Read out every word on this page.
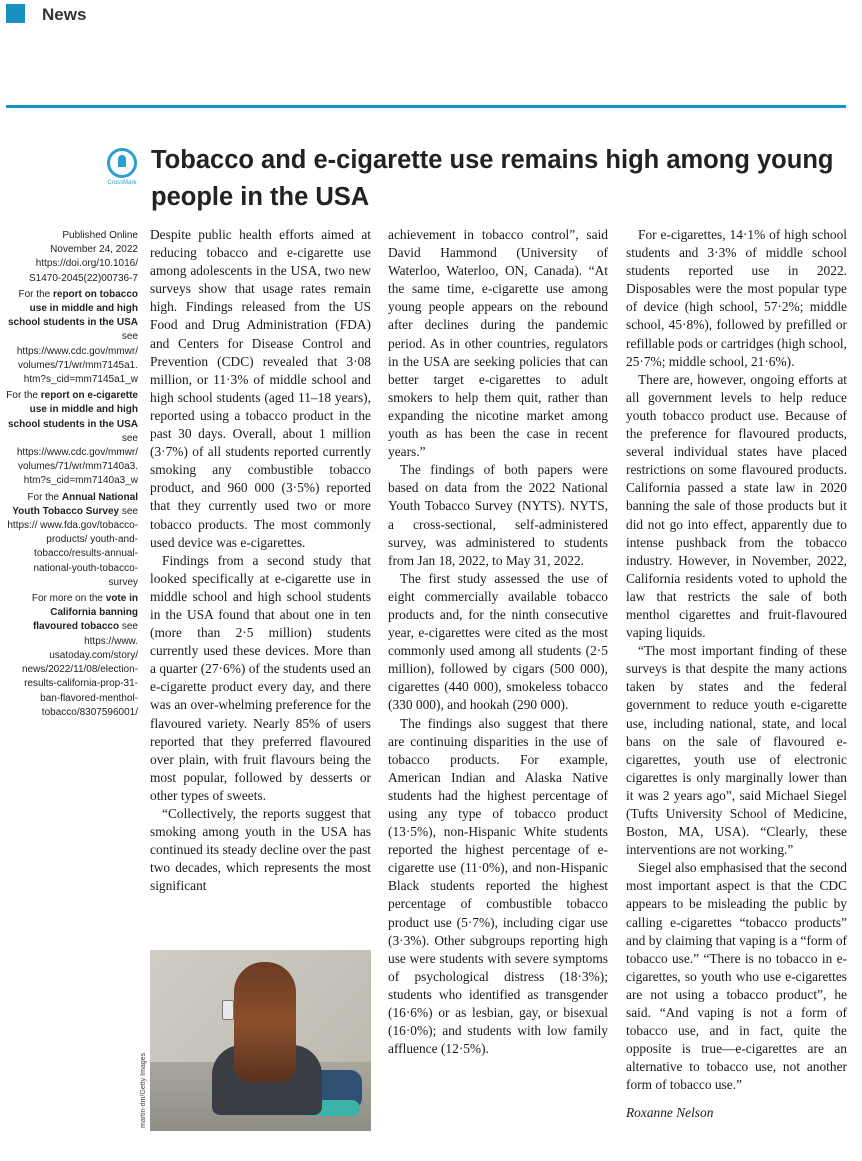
News
CrossMark
Tobacco and e-cigarette use remains high among young people in the USA
Published Online
November 24, 2022
https://doi.org/10.1016/ S1470-2045(22)00736-7
For the report on tobacco use in middle and high school students in the USA see https://www.cdc.gov/mmwr/ volumes/71/wr/mm7145a1. htm?s_cid=mm7145a1_w
For the report on e-cigarette use in middle and high school students in the USA see https://www.cdc.gov/mmwr/ volumes/71/wr/mm7140a3. htm?s_cid=mm7140a3_w
For the Annual National Youth Tobacco Survey see https:// www.fda.gov/tobacco-products/ youth-and-tobacco/results-annual-national-youth-tobacco-survey
For more on the vote in California banning flavoured tobacco see https://www. usatoday.com/story/ news/2022/11/08/election-results-california-prop-31-ban-flavored-menthol-tobacco/8307596001/

Despite public health efforts aimed at reducing tobacco and e-cigarette use among adolescents in the USA, two new surveys show that usage rates remain high. Findings released from the US Food and Drug Administration (FDA) and Centers for Disease Control and Prevention (CDC) revealed that 3·08 million, or 11·3% of middle school and high school students (aged 11–18 years), reported using a tobacco product in the past 30 days. Overall, about 1 million (3·7%) of all students reported currently smoking any combustible tobacco product, and 960 000 (3·5%) reported that they currently used two or more tobacco products. The most commonly used device was e-cigarettes.

Findings from a second study that looked specifically at e-cigarette use in middle school and high school students in the USA found that about one in ten (more than 2·5 million) students currently used these devices. More than a quarter (27·6%) of the students used an e-cigarette product every day, and there was an over-whelming preference for the flavoured variety. Nearly 85% of users reported that they preferred flavoured over plain, with fruit flavours being the most popular, followed by desserts or other types of sweets.

“Collectively, the reports suggest that smoking among youth in the USA has continued its steady decline over the past two decades, which represents the most significant

martin-dm/Getty Images

achievement in tobacco control”, said David Hammond (University of Waterloo, Waterloo, ON, Canada). “At the same time, e-cigarette use among young people appears on the rebound after declines during the pandemic period. As in other countries, regulators in the USA are seeking policies that can better target e-cigarettes to adult smokers to help them quit, rather than expanding the nicotine market among youth as has been the case in recent years.”

The findings of both papers were based on data from the 2022 National Youth Tobacco Survey (NYTS). NYTS, a cross-sectional, self-administered survey, was administered to students from Jan 18, 2022, to May 31, 2022.

The first study assessed the use of eight commercially available tobacco products and, for the ninth consecutive year, e-cigarettes were cited as the most commonly used among all students (2·5 million), followed by cigars (500 000), cigarettes (440 000), smokeless tobacco (330 000), and hookah (290 000).

The findings also suggest that there are continuing disparities in the use of tobacco products. For example, American Indian and Alaska Native students had the highest percentage of using any type of tobacco product (13·5%), non-Hispanic White students reported the highest percentage of e-cigarette use (11·0%), and non-Hispanic Black students reported the highest percentage of combustible tobacco product use (5·7%), including cigar use (3·3%). Other subgroups reporting high use were students with severe symptoms of psychological distress (18·3%); students who identified as transgender (16·6%) or as lesbian, gay, or bisexual (16·0%); and students with low family affluence (12·5%).

For e-cigarettes, 14·1% of high school students and 3·3% of middle school students reported use in 2022. Disposables were the most popular type of device (high school, 57·2%; middle school, 45·8%), followed by prefilled or refillable pods or cartridges (high school, 25·7%; middle school, 21·6%).

There are, however, ongoing efforts at all government levels to help reduce youth tobacco product use. Because of the preference for flavoured products, several individual states have placed restrictions on some flavoured products. California passed a state law in 2020 banning the sale of those products but it did not go into effect, apparently due to intense pushback from the tobacco industry. However, in November, 2022, California residents voted to uphold the law that restricts the sale of both menthol cigarettes and fruit-flavoured vaping liquids.

“The most important finding of these surveys is that despite the many actions taken by states and the federal government to reduce youth e-cigarette use, including national, state, and local bans on the sale of flavoured e-cigarettes, youth use of electronic cigarettes is only marginally lower than it was 2 years ago”, said Michael Siegel (Tufts University School of Medicine, Boston, MA, USA). “Clearly, these interventions are not working.”

Siegel also emphasised that the second most important aspect is that the CDC appears to be misleading the public by calling e-cigarettes “tobacco products” and by claiming that vaping is a “form of tobacco use.” “There is no tobacco in e-cigarettes, so youth who use e-cigarettes are not using a tobacco product”, he said. “And vaping is not a form of tobacco use, and in fact, quite the opposite is true—e-cigarettes are an alternative to tobacco use, not another form of tobacco use.”

Roxanne Nelson
